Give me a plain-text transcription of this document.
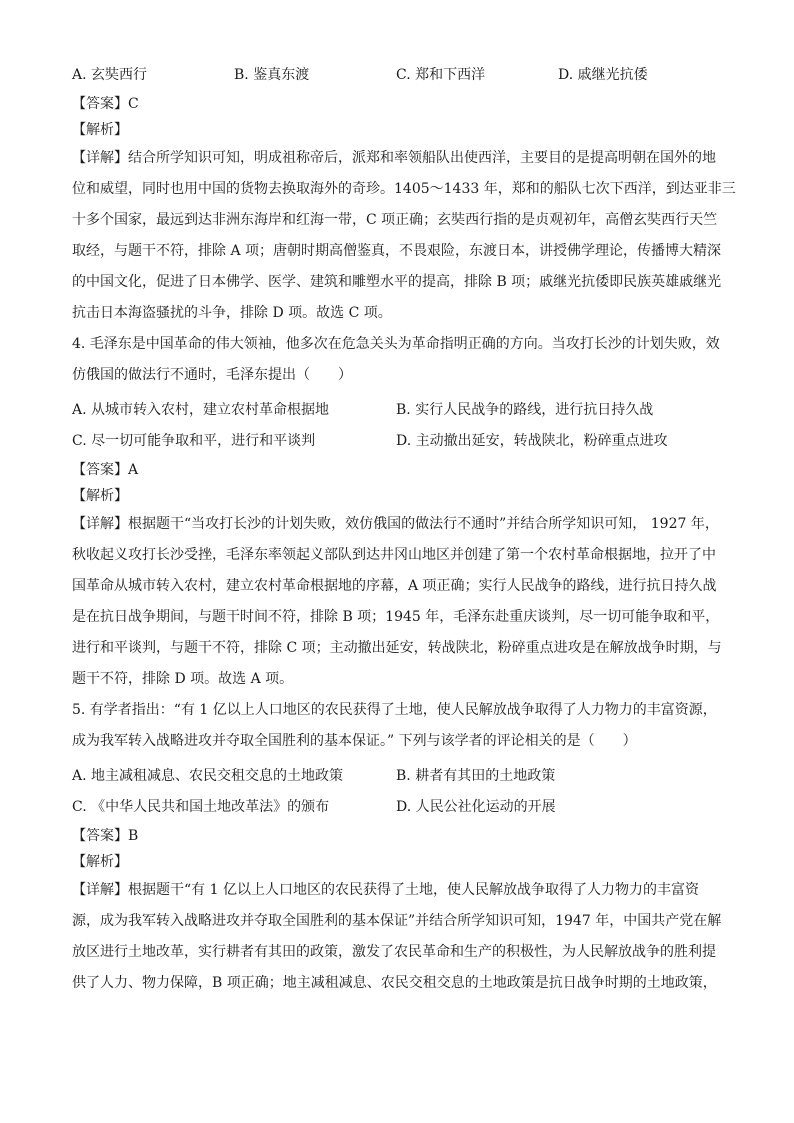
A. 玄奘西行	B. 鉴真东渡	C. 郑和下西洋	D. 戚继光抗倭
【答案】C
【解析】
【详解】结合所学知识可知，明成祖称帝后，派郑和率领船队出使西洋，主要目的是提高明朝在国外的地
位和威望，同时也用中国的货物去换取海外的奇珍。1405～1433 年，郑和的船队七次下西洋，到达亚非三
十多个国家，最远到达非洲东海岸和红海一带，C 项正确；玄奘西行指的是贞观初年，高僧玄奘西行天竺
取经，与题干不符，排除 A 项；唐朝时期高僧鉴真，不畏艰险，东渡日本，讲授佛学理论，传播博大精深
的中国文化，促进了日本佛学、医学、建筑和雕塑水平的提高，排除 B 项；戚继光抗倭即民族英雄戚继光
抗击日本海盗骚扰的斗争，排除 D 项。故选 C 项。
4. 毛泽东是中国革命的伟大领袖，他多次在危急关头为革命指明正确的方向。当攻打长沙的计划失败，效
仿俄国的做法行不通时，毛泽东提出（　　）
A. 从城市转入农村，建立农村革命根据地	B. 实行人民战争的路线，进行抗日持久战
C. 尽一切可能争取和平，进行和平谈判	D. 主动撤出延安，转战陕北，粉碎重点进攻
【答案】A
【解析】
【详解】根据题干“当攻打长沙的计划失败，效仿俄国的做法行不通时”并结合所学知识可知， 1927 年，
秋收起义攻打长沙受挫，毛泽东率领起义部队到达井冈山地区并创建了第一个农村革命根据地，拉开了中
国革命从城市转入农村，建立农村革命根据地的序幕，A 项正确；实行人民战争的路线，进行抗日持久战
是在抗日战争期间，与题干时间不符，排除 B 项；1945 年，毛泽东赴重庆谈判，尽一切可能争取和平，
进行和平谈判，与题干不符，排除 C 项；主动撤出延安，转战陕北，粉碎重点进攻是在解放战争时期，与
题干不符，排除 D 项。故选 A 项。
5. 有学者指出：“有 1 亿以上人口地区的农民获得了土地，使人民解放战争取得了人力物力的丰富资源，
成为我军转入战略进攻并夺取全国胜利的基本保证。” 下列与该学者的评论相关的是（　　）
A. 地主减租减息、农民交租交息的土地政策	B. 耕者有其田的土地政策
C. 《中华人民共和国土地改革法》的颁布	D. 人民公社化运动的开展
【答案】B
【解析】
【详解】根据题干“有 1 亿以上人口地区的农民获得了土地，使人民解放战争取得了人力物力的丰富资
源，成为我军转入战略进攻并夺取全国胜利的基本保证”并结合所学知识可知，1947 年，中国共产党在解
放区进行土地改革，实行耕者有其田的政策，激发了农民革命和生产的积极性，为人民解放战争的胜利提
供了人力、物力保障，B 项正确；地主减租减息、农民交租交息的土地政策是抗日战争时期的土地政策，
